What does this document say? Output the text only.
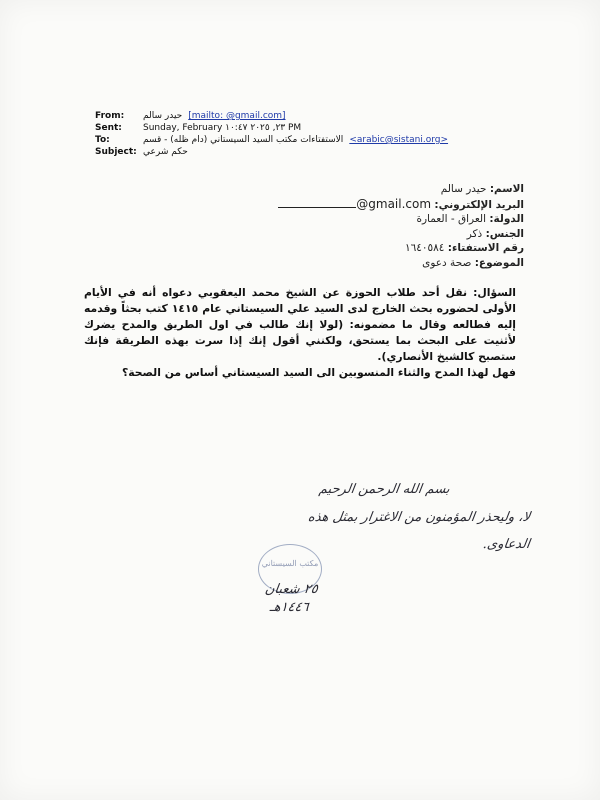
From:	حيدر سالم [mailto: @gmail.com]
Sent:	Sunday, February ٢٣, ٢٠٢٥ ١٠:٤٧ PM
To:	الاستفتاءات مكتب السيد السيستاني (دام ظله) - قسم <arabic@sistani.org>
Subject: حكم شرعي
الاسم: حيدر سالم
البريد الإلكتروني: @gmail.com
الدولة: العراق - العمارة
الجنس: ذكر
رقم الاستفتاء: ١٦٤٠٥٨٤
الموضوع: صحة دعوى

السؤال: نقل أحد طلاب الحوزة عن الشيخ محمد اليعقوبي دعواه أنه في الأيام الأولى لحضوره بحث الخارج لدى السيد علي السيستاني عام ١٤١٥ كتب بحثاً وقدمه إليه فطالعه وقال ما مضمونه: (لولا إنك طالب في اول الطريق والمدح يضرك لأثنيت على البحث بما يستحق، ولكنني أقول إنك إذا سرت بهذه الطريقة فإنك ستصبح كالشيخ الأنصاري).

فهل لهذا المدح والثناء المنسوبين الى السيد السيستاني أساس من الصحة؟

بسم الله الرحمن الرحيم
لا، وليحذر المؤمنون من الاغترار بمثل هذه
الدعاوى.
مكتب السيستاني
٢٥ شعبان
١٤٤٦هـ
